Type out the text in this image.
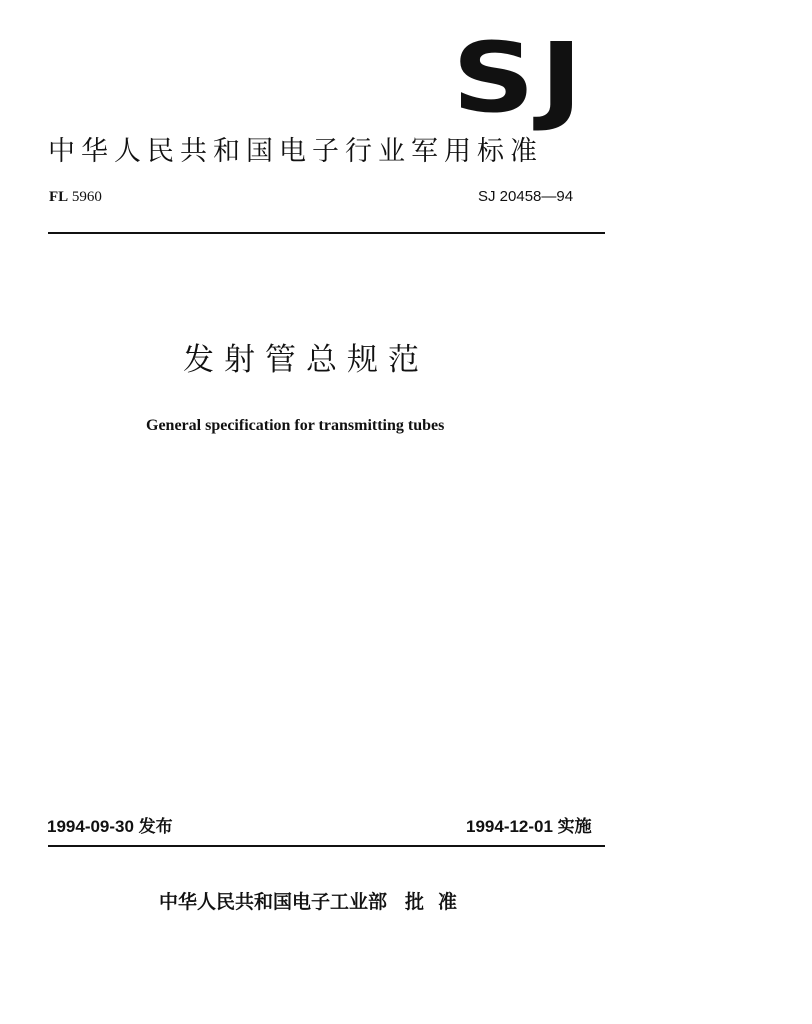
SJ
中华人民共和国电子行业军用标准
FL 5960	SJ 20458—94
发射管总规范
General specification for transmitting tubes
1994-09-30 发布	1994-12-01 实施
中华人民共和国电子工业部 批准
